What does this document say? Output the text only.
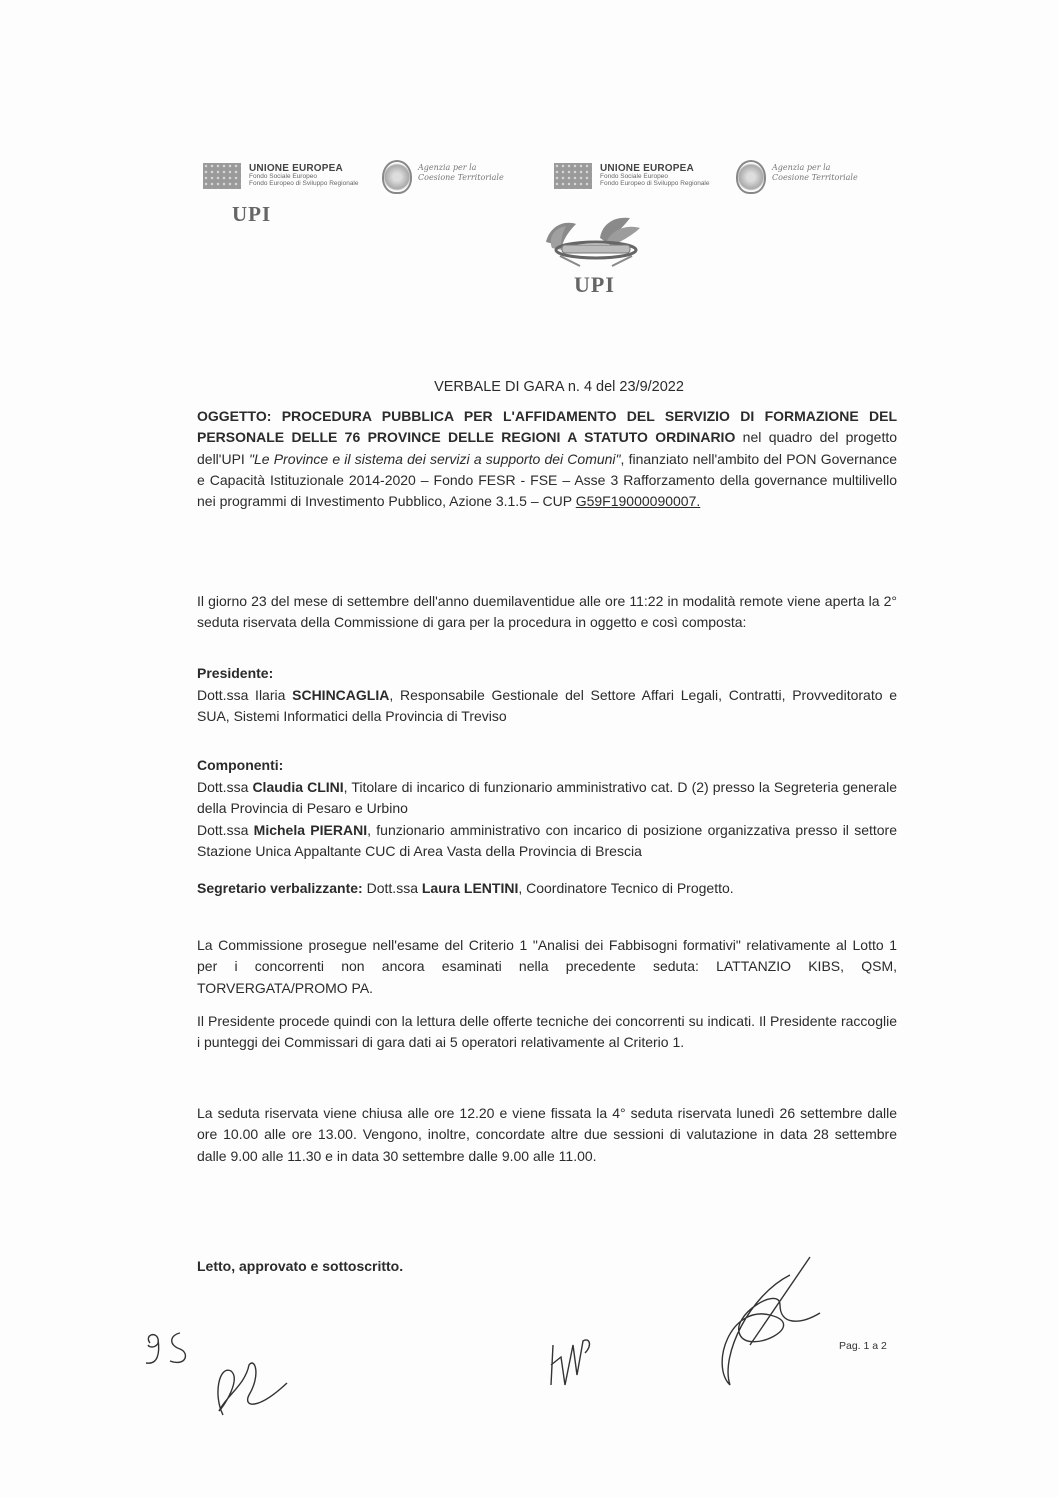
UNIONE EUROPEA
Fondo Sociale Europeo
Fondo Europeo di Sviluppo Regionale
Agenzia per la
Coesione Territoriale
UPI
UNIONE EUROPEA
Fondo Sociale Europeo
Fondo Europeo di Sviluppo Regionale
Agenzia per la
Coesione Territoriale
UPI
VERBALE DI GARA n. 4 del 23/9/2022
OGGETTO: PROCEDURA PUBBLICA PER L'AFFIDAMENTO DEL SERVIZIO DI FORMAZIONE DEL PERSONALE DELLE 76 PROVINCE DELLE REGIONI A STATUTO ORDINARIO nel quadro del progetto dell'UPI "Le Province e il sistema dei servizi a supporto dei Comuni", finanziato nell'ambito del PON Governance e Capacità Istituzionale 2014-2020 – Fondo FESR - FSE – Asse 3 Rafforzamento della governance multilivello nei programmi di Investimento Pubblico, Azione 3.1.5 – CUP G59F19000090007.
Il giorno 23 del mese di settembre dell'anno duemilaventidue alle ore 11:22 in modalità remote viene aperta la 2° seduta riservata della Commissione di gara per la procedura in oggetto e così composta:
Presidente:
Dott.ssa Ilaria SCHINCAGLIA, Responsabile Gestionale del Settore Affari Legali, Contratti, Provveditorato e SUA, Sistemi Informatici della Provincia di Treviso
Componenti:
Dott.ssa Claudia CLINI, Titolare di incarico di funzionario amministrativo cat. D (2) presso la Segreteria generale della Provincia di Pesaro e Urbino
Dott.ssa Michela PIERANI, funzionario amministrativo con incarico di posizione organizzativa presso il settore Stazione Unica Appaltante CUC di Area Vasta della Provincia di Brescia
Segretario verbalizzante: Dott.ssa Laura LENTINI, Coordinatore Tecnico di Progetto.
La Commissione prosegue nell'esame del Criterio 1 "Analisi dei Fabbisogni formativi" relativamente al Lotto 1 per i concorrenti non ancora esaminati nella precedente seduta: LATTANZIO KIBS, QSM, TORVERGATA/PROMO PA.
Il Presidente procede quindi con la lettura delle offerte tecniche dei concorrenti su indicati. Il Presidente raccoglie i punteggi dei Commissari di gara dati ai 5 operatori relativamente al Criterio 1.
La seduta riservata viene chiusa alle ore 12.20 e viene fissata la 4° seduta riservata lunedì 26 settembre dalle ore 10.00 alle ore 13.00. Vengono, inoltre, concordate altre due sessioni di valutazione in data 28 settembre dalle 9.00 alle 11.30 e in data 30 settembre dalle 9.00 alle 11.00.
Letto, approvato e sottoscritto.
Pag. 1 a 2
